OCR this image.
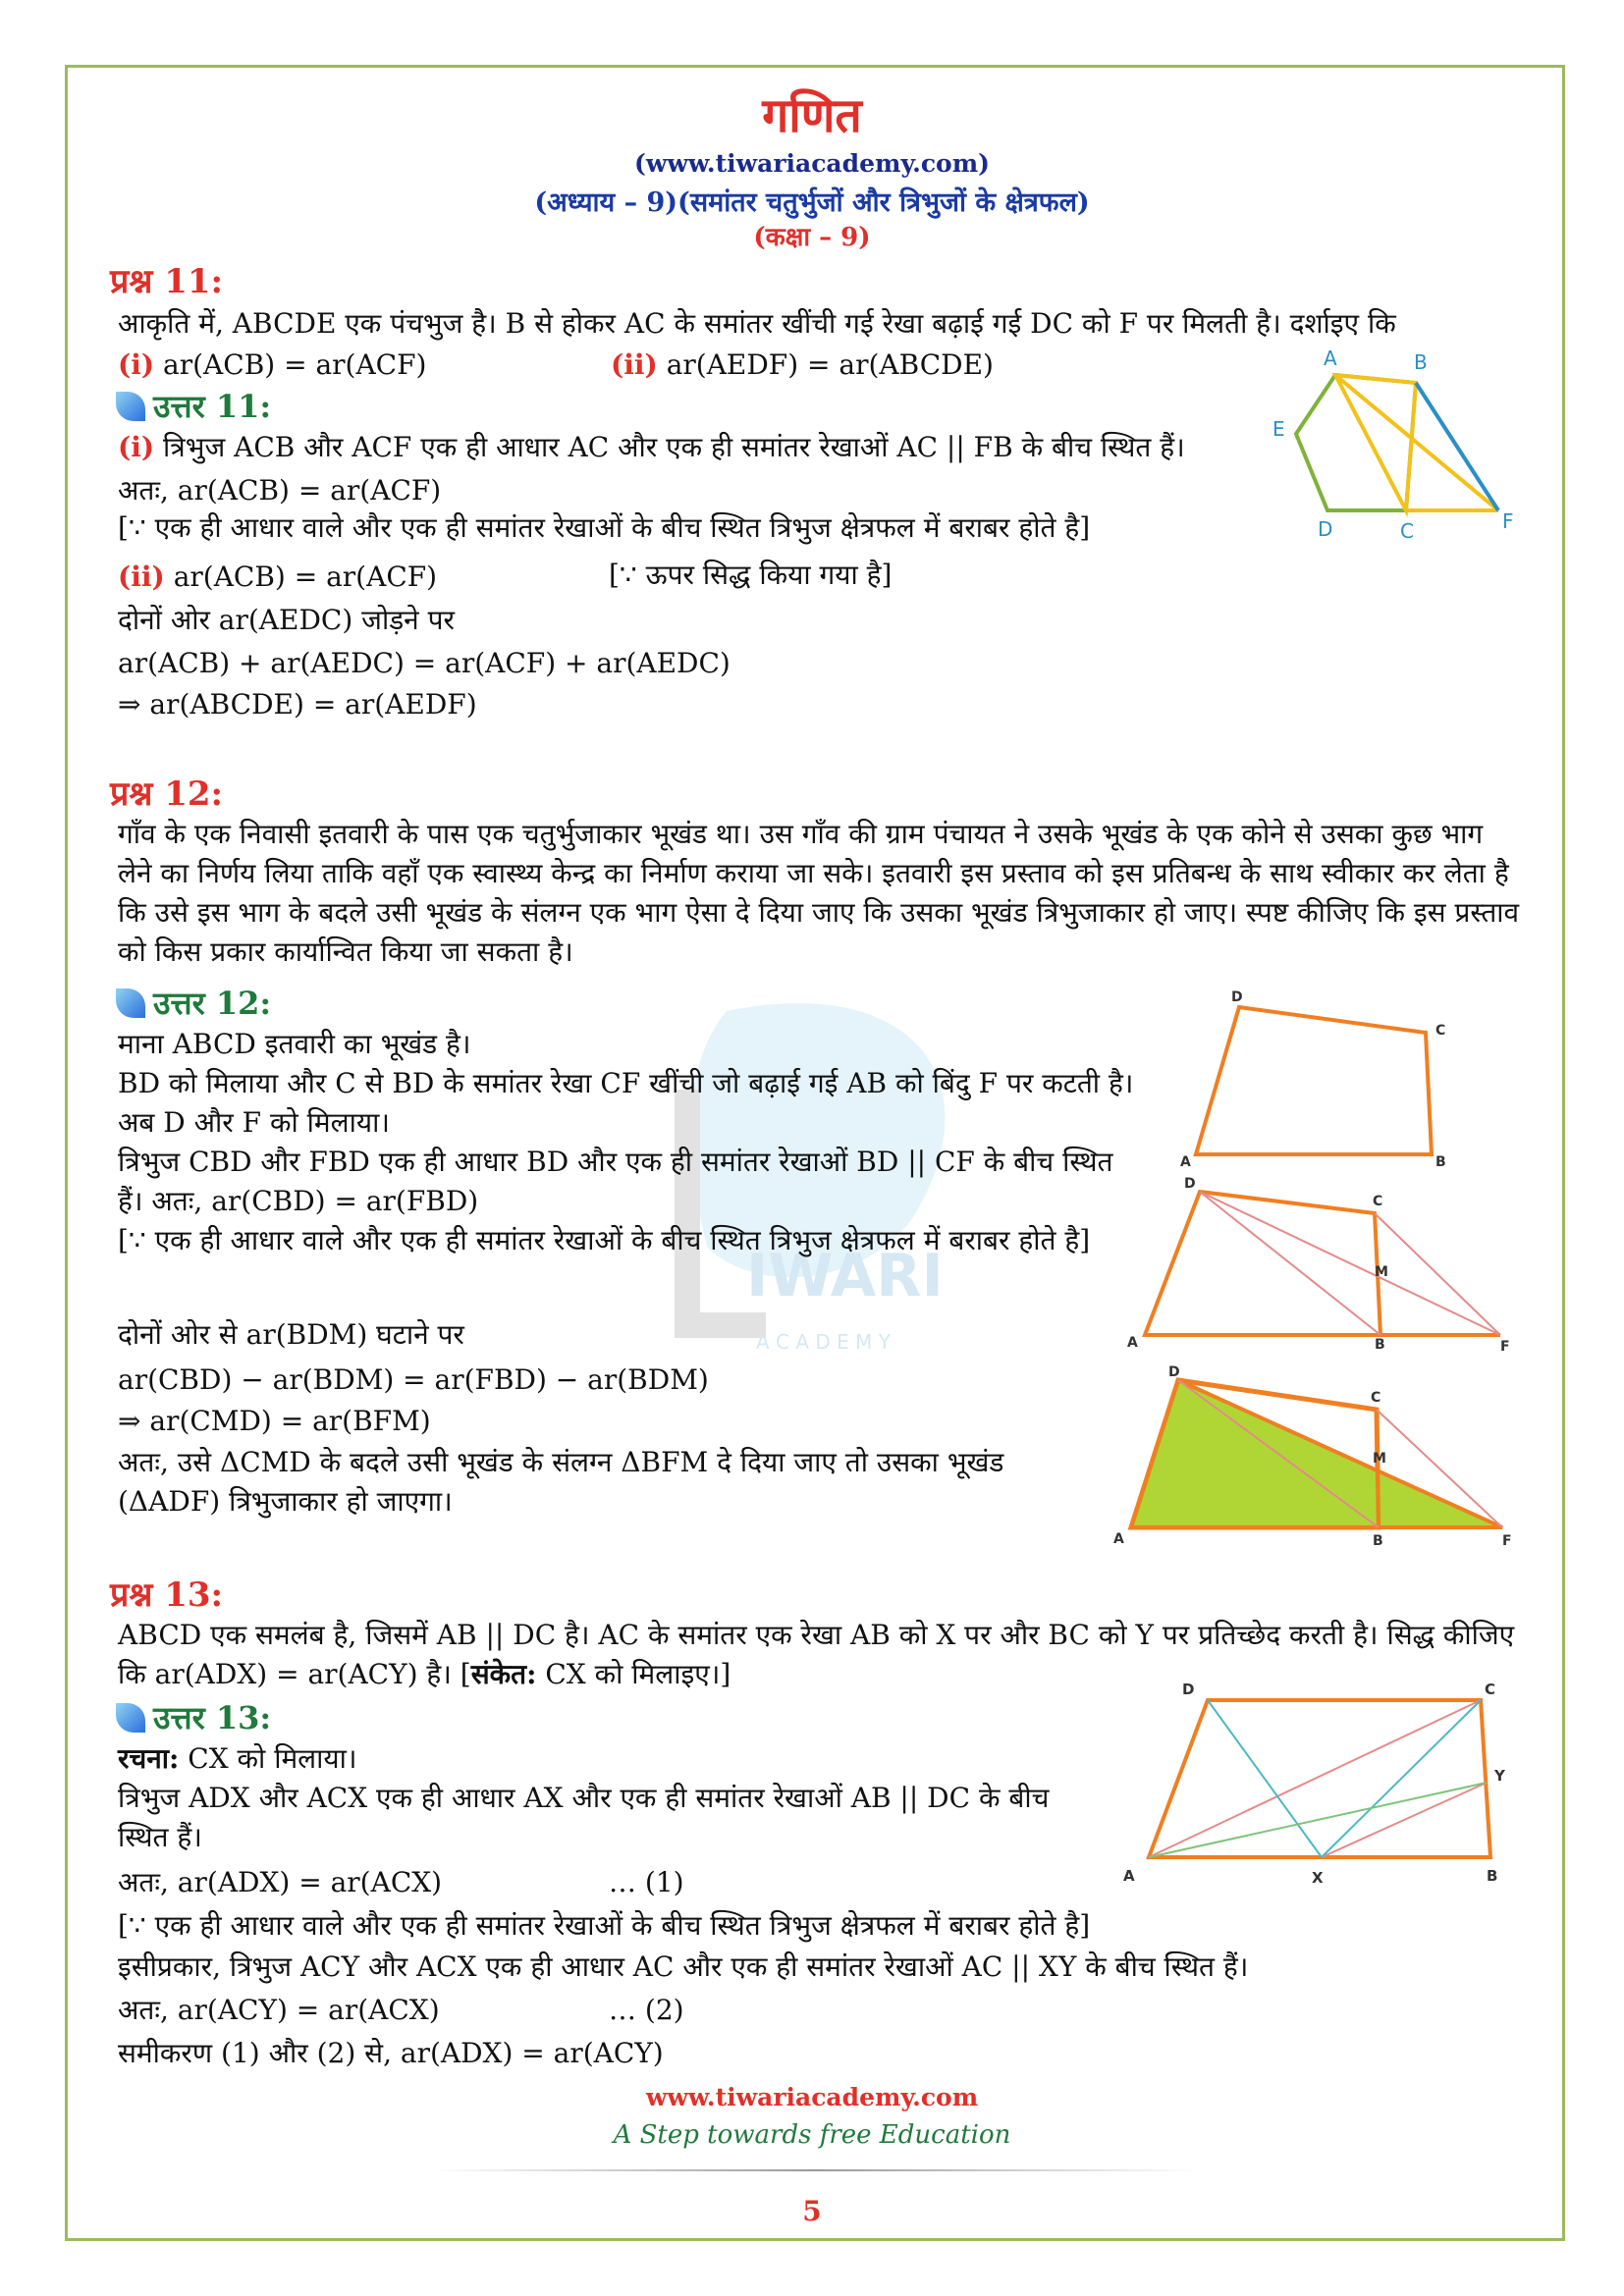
गणित
(www.tiwariacademy.com)
(अध्याय – 9)(समांतर चतुर्भुजों और त्रिभुजों के क्षेत्रफल)
(कक्षा – 9)
IWARI
A C A D E M Y
प्रश्न 11:
आकृति में, ABCDE एक पंचभुज है। B से होकर AC के समांतर खींची गई रेखा बढ़ाई गई DC को F पर मिलती है। दर्शाइए कि
(i) ar(ACB) = ar(ACF)	(ii) ar(AEDF) = ar(ABCDE)	A	B
E
D	C	F
उत्तर 11:
(i) त्रिभुज ACB और ACF एक ही आधार AC और एक ही समांतर रेखाओं AC || FB के बीच स्थित हैं।
अतः, ar(ACB) = ar(ACF)
[∵ एक ही आधार वाले और एक ही समांतर रेखाओं के बीच स्थित त्रिभुज क्षेत्रफल में बराबर होते है]
(ii) ar(ACB) = ar(ACF)	[∵ ऊपर सिद्ध किया गया है]
दोनों ओर ar(AEDC) जोड़ने पर
ar(ACB) + ar(AEDC) = ar(ACF) + ar(AEDC)
⇒ ar(ABCDE) = ar(AEDF)
प्रश्न 12:
गाँव के एक निवासी इतवारी के पास एक चतुर्भुजाकार भूखंड था। उस गाँव की ग्राम पंचायत ने उसके भूखंड के एक कोने से उसका कुछ भाग लेने का निर्णय लिया ताकि वहाँ एक स्वास्थ्य केन्द्र का निर्माण कराया जा सके। इतवारी इस प्रस्ताव को इस प्रतिबन्ध के साथ स्वीकार कर लेता है कि उसे इस भाग के बदले उसी भूखंड के संलग्न एक भाग ऐसा दे दिया जाए कि उसका भूखंड त्रिभुजाकार हो जाए। स्पष्ट कीजिए कि इस प्रस्ताव को किस प्रकार कार्यान्वित किया जा सकता है।
उत्तर 12:
माना ABCD इतवारी का भूखंड है।
BD को मिलाया और C से BD के समांतर रेखा CF खींची जो बढ़ाई गई AB को बिंदु F पर कटती है। अब D और F को मिलाया।
त्रिभुज CBD और FBD एक ही आधार BD और एक ही समांतर रेखाओं BD || CF के बीच स्थित हैं। अतः, ar(CBD) = ar(FBD)
[∵ एक ही आधार वाले और एक ही समांतर रेखाओं के बीच स्थित त्रिभुज क्षेत्रफल में बराबर होते है]
दोनों ओर से ar(BDM) घटाने पर
ar(CBD) − ar(BDM) = ar(FBD) − ar(BDM)
⇒ ar(CMD) = ar(BFM)
अतः, उसे ΔCMD के बदले उसी भूखंड के संलग्न ΔBFM दे दिया जाए तो उसका भूखंड (ΔADF) त्रिभुजाकार हो जाएगा।
D
C
A	B
D
C
A	B
M
F
D
C
A	B
M
F
प्रश्न 13:
ABCD एक समलंब है, जिसमें AB || DC है। AC के समांतर एक रेखा AB को X पर और BC को Y पर प्रतिच्छेद करती है। सिद्ध कीजिए कि ar(ADX) = ar(ACY) है। [संकेत: CX को मिलाइए।]
उत्तर 13:
रचना: CX को मिलाया।
त्रिभुज ADX और ACX एक ही आधार AX और एक ही समांतर रेखाओं AB || DC के बीच स्थित हैं।
अतः, ar(ADX) = ar(ACX)	… (1)
[∵ एक ही आधार वाले और एक ही समांतर रेखाओं के बीच स्थित त्रिभुज क्षेत्रफल में बराबर होते है]
इसीप्रकार, त्रिभुज ACY और ACX एक ही आधार AC और एक ही समांतर रेखाओं AC || XY के बीच स्थित हैं।
अतः, ar(ACY) = ar(ACX)	… (2)
समीकरण (1) और (2) से, ar(ADX) = ar(ACY)
D	C
Y
A	X	B
www.tiwariacademy.com
A Step towards free Education
5
